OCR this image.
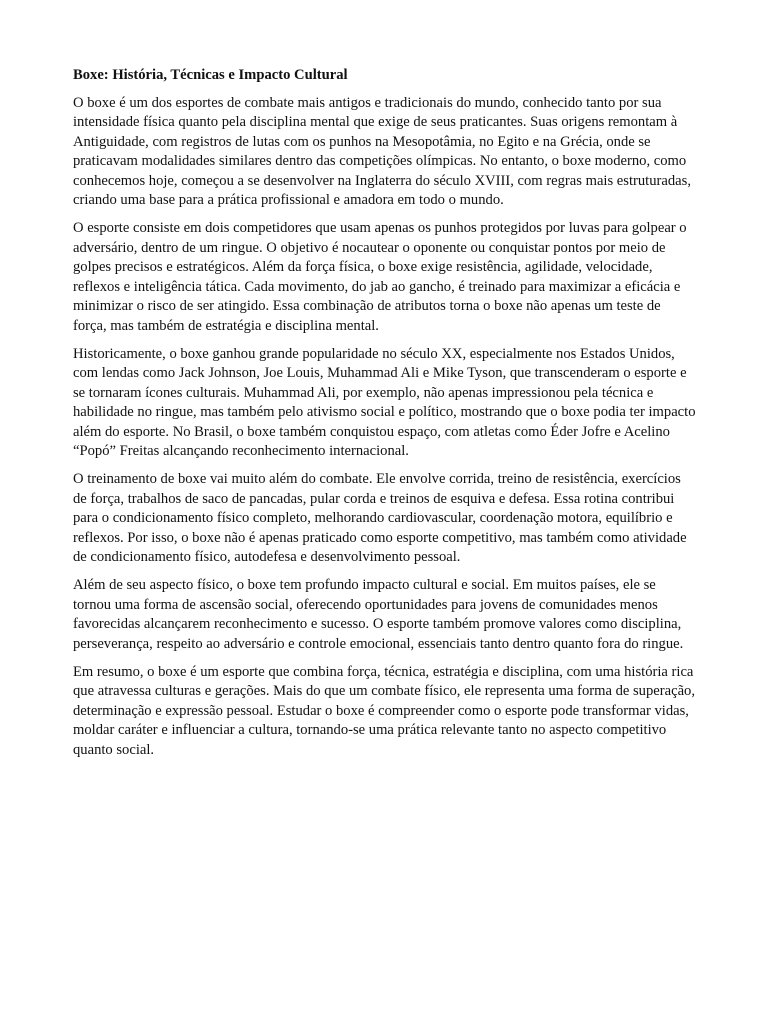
Boxe: História, Técnicas e Impacto Cultural

O boxe é um dos esportes de combate mais antigos e tradicionais do mundo, conhecido tanto por sua intensidade física quanto pela disciplina mental que exige de seus praticantes. Suas origens remontam à Antiguidade, com registros de lutas com os punhos na Mesopotâmia, no Egito e na Grécia, onde se praticavam modalidades similares dentro das competições olímpicas. No entanto, o boxe moderno, como conhecemos hoje, começou a se desenvolver na Inglaterra do século XVIII, com regras mais estruturadas, criando uma base para a prática profissional e amadora em todo o mundo.

O esporte consiste em dois competidores que usam apenas os punhos protegidos por luvas para golpear o adversário, dentro de um ringue. O objetivo é nocautear o oponente ou conquistar pontos por meio de golpes precisos e estratégicos. Além da força física, o boxe exige resistência, agilidade, velocidade, reflexos e inteligência tática. Cada movimento, do jab ao gancho, é treinado para maximizar a eficácia e minimizar o risco de ser atingido. Essa combinação de atributos torna o boxe não apenas um teste de força, mas também de estratégia e disciplina mental.

Historicamente, o boxe ganhou grande popularidade no século XX, especialmente nos Estados Unidos, com lendas como Jack Johnson, Joe Louis, Muhammad Ali e Mike Tyson, que transcenderam o esporte e se tornaram ícones culturais. Muhammad Ali, por exemplo, não apenas impressionou pela técnica e habilidade no ringue, mas também pelo ativismo social e político, mostrando que o boxe podia ter impacto além do esporte. No Brasil, o boxe também conquistou espaço, com atletas como Éder Jofre e Acelino “Popó” Freitas alcançando reconhecimento internacional.

O treinamento de boxe vai muito além do combate. Ele envolve corrida, treino de resistência, exercícios de força, trabalhos de saco de pancadas, pular corda e treinos de esquiva e defesa. Essa rotina contribui para o condicionamento físico completo, melhorando cardiovascular, coordenação motora, equilíbrio e reflexos. Por isso, o boxe não é apenas praticado como esporte competitivo, mas também como atividade de condicionamento físico, autodefesa e desenvolvimento pessoal.

Além de seu aspecto físico, o boxe tem profundo impacto cultural e social. Em muitos países, ele se tornou uma forma de ascensão social, oferecendo oportunidades para jovens de comunidades menos favorecidas alcançarem reconhecimento e sucesso. O esporte também promove valores como disciplina, perseverança, respeito ao adversário e controle emocional, essenciais tanto dentro quanto fora do ringue.

Em resumo, o boxe é um esporte que combina força, técnica, estratégia e disciplina, com uma história rica que atravessa culturas e gerações. Mais do que um combate físico, ele representa uma forma de superação, determinação e expressão pessoal. Estudar o boxe é compreender como o esporte pode transformar vidas, moldar caráter e influenciar a cultura, tornando-se uma prática relevante tanto no aspecto competitivo quanto social.
